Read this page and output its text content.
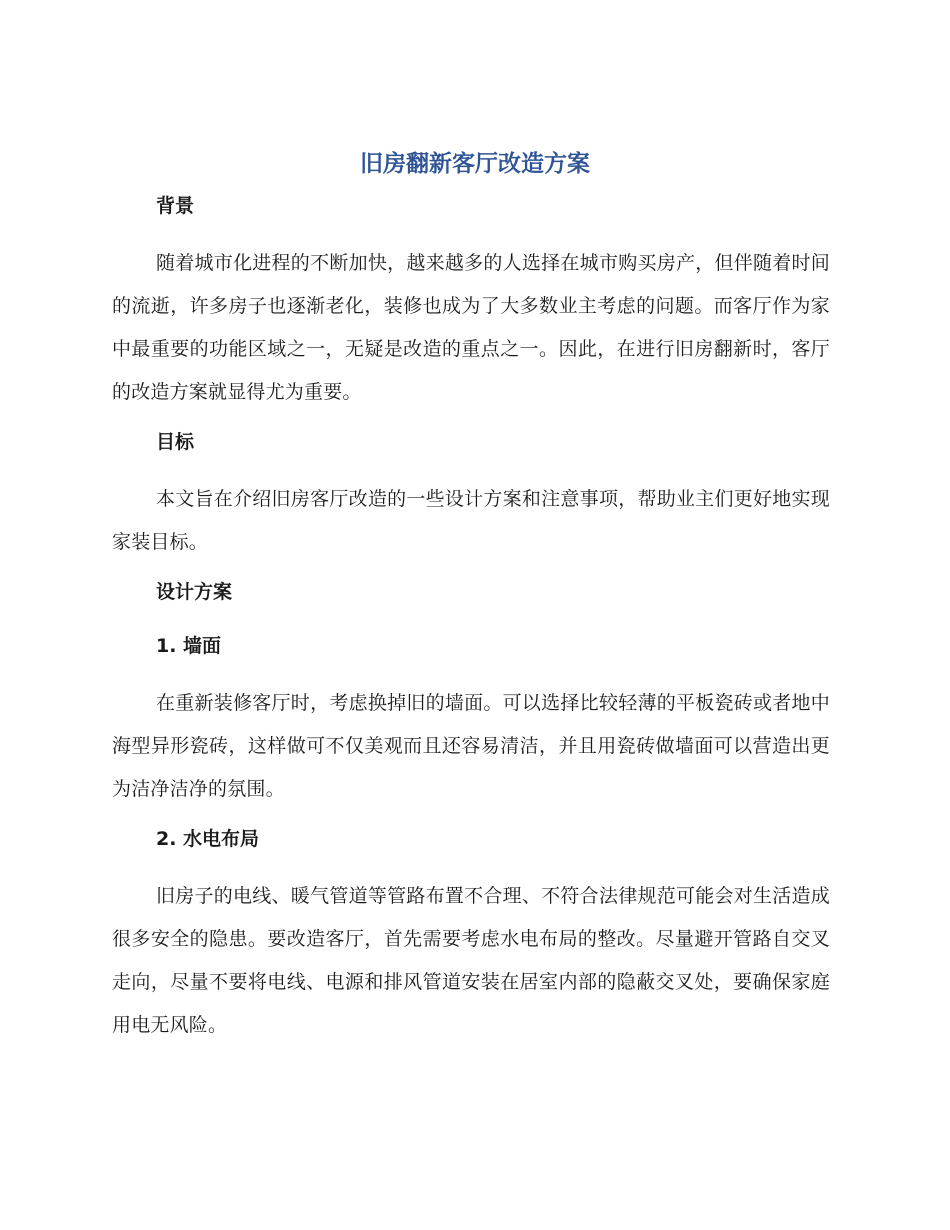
旧房翻新客厅改造方案
背景

随着城市化进程的不断加快，越来越多的人选择在城市购买房产，但伴随着时间的流逝，许多房子也逐渐老化，装修也成为了大多数业主考虑的问题。而客厅作为家中最重要的功能区域之一，无疑是改造的重点之一。因此，在进行旧房翻新时，客厅的改造方案就显得尤为重要。

目标

本文旨在介绍旧房客厅改造的一些设计方案和注意事项，帮助业主们更好地实现家装目标。

设计方案
1. 墙面

在重新装修客厅时，考虑换掉旧的墙面。可以选择比较轻薄的平板瓷砖或者地中海型异形瓷砖，这样做可不仅美观而且还容易清洁，并且用瓷砖做墙面可以营造出更为洁净洁净的氛围。

2. 水电布局

旧房子的电线、暖气管道等管路布置不合理、不符合法律规范可能会对生活造成很多安全的隐患。要改造客厅，首先需要考虑水电布局的整改。尽量避开管路自交叉走向，尽量不要将电线、电源和排风管道安装在居室内部的隐蔽交叉处，要确保家庭用电无风险。
